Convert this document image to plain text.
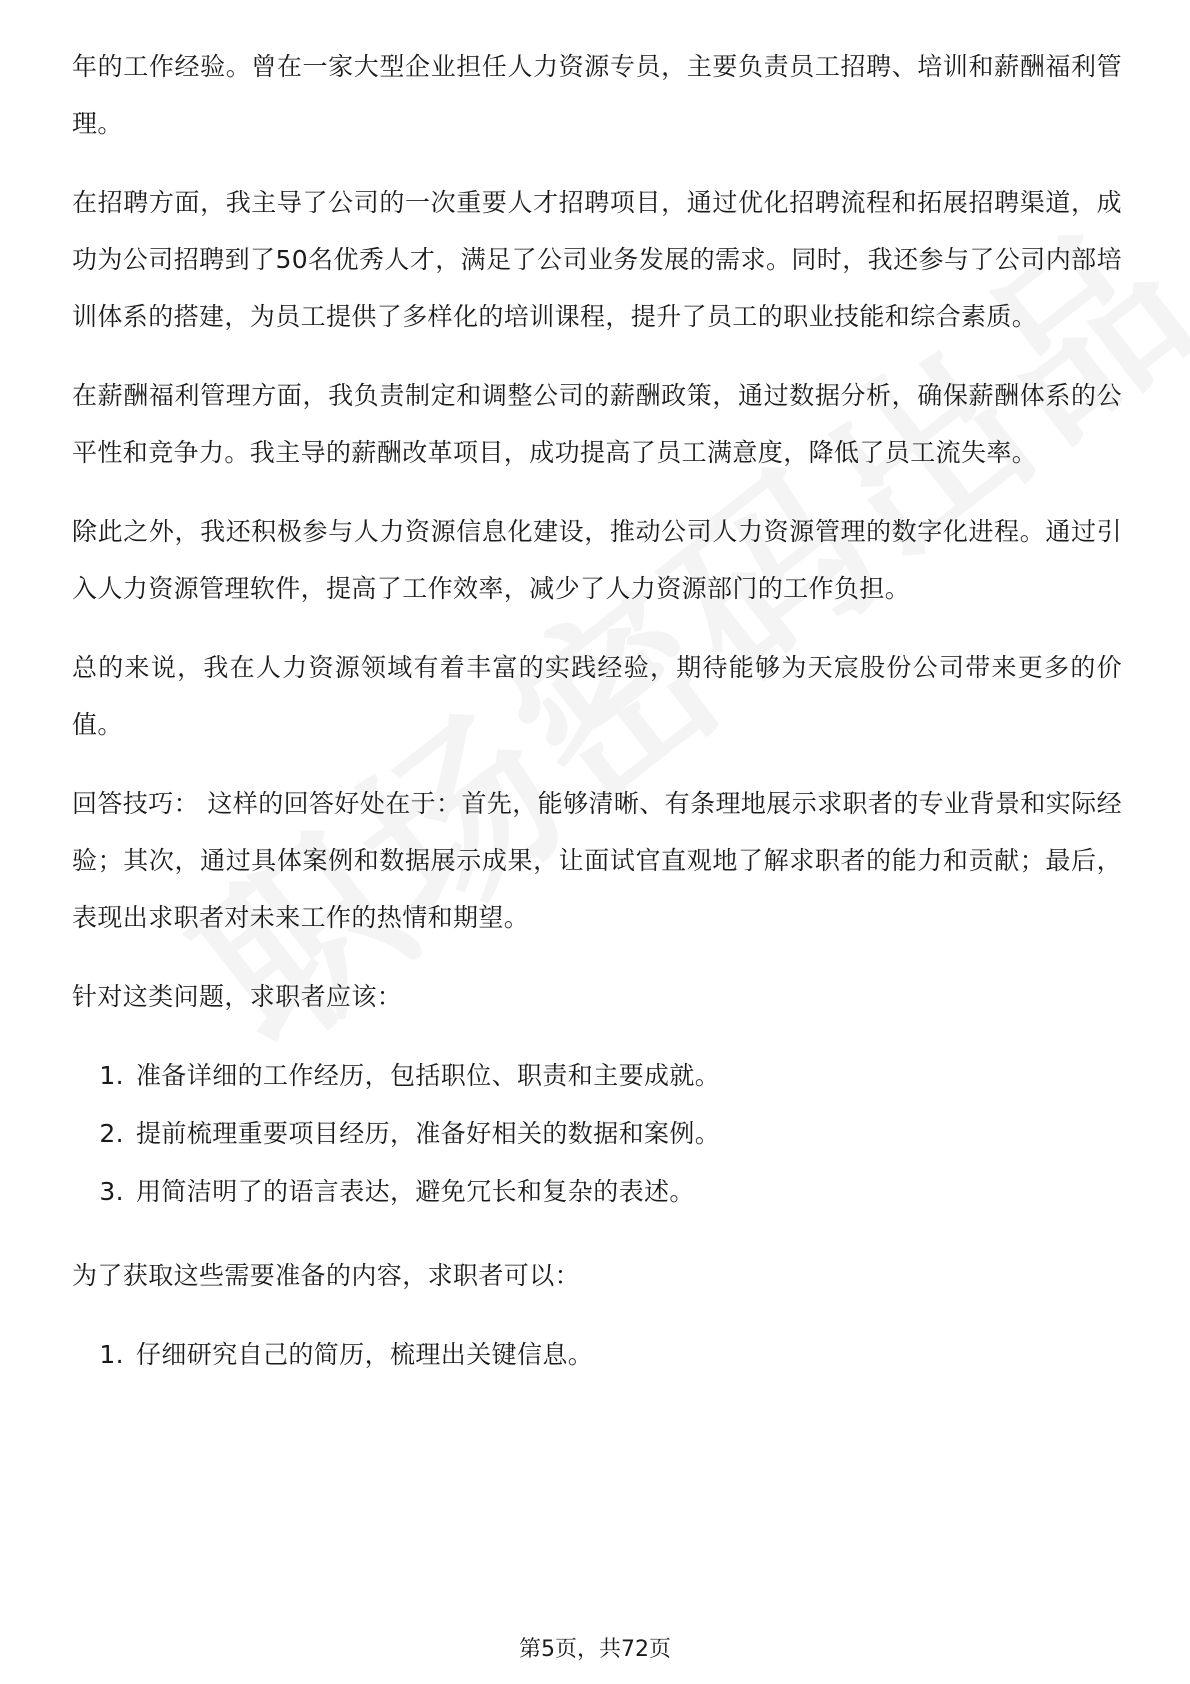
年的工作经验。曾在一家大型企业担任人力资源专员，主要负责员工招聘、培训和薪酬福利管理。

在招聘方面，我主导了公司的一次重要人才招聘项目，通过优化招聘流程和拓展招聘渠道，成功为公司招聘到了50名优秀人才，满足了公司业务发展的需求。同时，我还参与了公司内部培训体系的搭建，为员工提供了多样化的培训课程，提升了员工的职业技能和综合素质。

在薪酬福利管理方面，我负责制定和调整公司的薪酬政策，通过数据分析，确保薪酬体系的公平性和竞争力。我主导的薪酬改革项目，成功提高了员工满意度，降低了员工流失率。

除此之外，我还积极参与人力资源信息化建设，推动公司人力资源管理的数字化进程。通过引入人力资源管理软件，提高了工作效率，减少了人力资源部门的工作负担。

总的来说，我在人力资源领域有着丰富的实践经验，期待能够为天宸股份公司带来更多的价值。

回答技巧： 这样的回答好处在于：首先，能够清晰、有条理地展示求职者的专业背景和实际经验；其次，通过具体案例和数据展示成果，让面试官直观地了解求职者的能力和贡献；最后，表现出求职者对未来工作的热情和期望。

针对这类问题，求职者应该：

1. 准备详细的工作经历，包括职位、职责和主要成就。
2. 提前梳理重要项目经历，准备好相关的数据和案例。
3. 用简洁明了的语言表达，避免冗长和复杂的表述。

为了获取这些需要准备的内容，求职者可以：

1. 仔细研究自己的简历，梳理出关键信息。
第5页，共72页
